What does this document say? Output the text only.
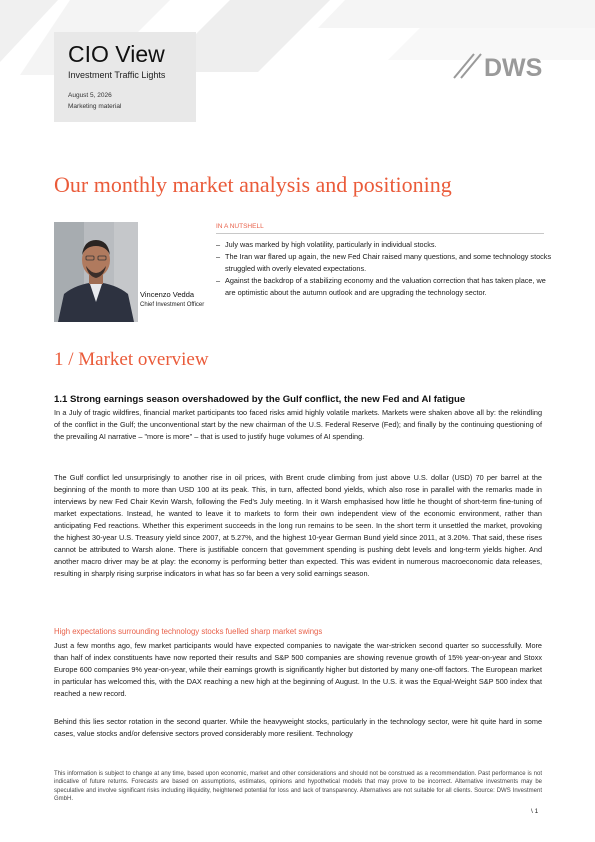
CIO View
Investment Traffic Lights
August 5, 2026
Marketing material
DWS
Our monthly market analysis and positioning
IN A NUTSHELL
– July was marked by high volatility, particularly in individual stocks.
– The Iran war flared up again, the new Fed Chair raised many questions, and some technology stocks struggled with overly elevated expectations.
– Against the backdrop of a stabilizing economy and the valuation correction that has taken place, we are optimistic about the autumn outlook and are upgrading the technology sector.
Vincenzo Vedda
Chief Investment Officer
1 / Market overview
1.1 Strong earnings season overshadowed by the Gulf conflict, the new Fed and AI fatigue

In a July of tragic wildfires, financial market participants too faced risks amid highly volatile markets. Markets were shaken above all by: the rekindling of the conflict in the Gulf; the unconventional start by the new chairman of the U.S. Federal Reserve (Fed); and finally by the continuing questioning of the prevailing AI narrative – "more is more" – that is used to justify huge volumes of AI spending.

The Gulf conflict led unsurprisingly to another rise in oil prices, with Brent crude climbing from just above U.S. dollar (USD) 70 per barrel at the beginning of the month to more than USD 100 at its peak. This, in turn, affected bond yields, which also rose in parallel with the remarks made in interviews by new Fed Chair Kevin Warsh, following the Fed's July meeting. In it Warsh emphasised how little he thought of short-term fine-tuning of market expectations. Instead, he wanted to leave it to markets to form their own independent view of the economic environment, rather than anticipating Fed reactions. Whether this experiment succeeds in the long run remains to be seen. In the short term it unsettled the market, provoking the highest 30-year U.S. Treasury yield since 2007, at 5.27%, and the highest 10-year German Bund yield since 2011, at 3.20%. That said, these rises cannot be attributed to Warsh alone. There is justifiable concern that government spending is pushing debt levels and long-term yields higher. And another macro driver may be at play: the economy is performing better than expected. This was evident in numerous macroeconomic data releases, resulting in sharply rising surprise indicators in what has so far been a very solid earnings season.

High expectations surrounding technology stocks fuelled sharp market swings

Just a few months ago, few market participants would have expected companies to navigate the war-stricken second quarter so successfully. More than half of index constituents have now reported their results and S&P 500 companies are showing revenue growth of 15% year-on-year and Stoxx Europe 600 companies 9% year-on-year, while their earnings growth is significantly higher but distorted by many one-off factors. The European market in particular has welcomed this, with the DAX reaching a new high at the beginning of August. In the U.S. it was the Equal-Weight S&P 500 index that reached a new record.

Behind this lies sector rotation in the second quarter. While the heavyweight stocks, particularly in the technology sector, were hit quite hard in some cases, value stocks and/or defensive sectors proved considerably more resilient. Technology

This information is subject to change at any time, based upon economic, market and other considerations and should not be construed as a recommendation. Past performance is not indicative of future returns. Forecasts are based on assumptions, estimates, opinions and hypothetical models that may prove to be incorrect. Alternative investments may be speculative and involve significant risks including illiquidity, heightened potential for loss and lack of transparency. Alternatives are not suitable for all clients. Source: DWS Investment GmbH.

\ 1
